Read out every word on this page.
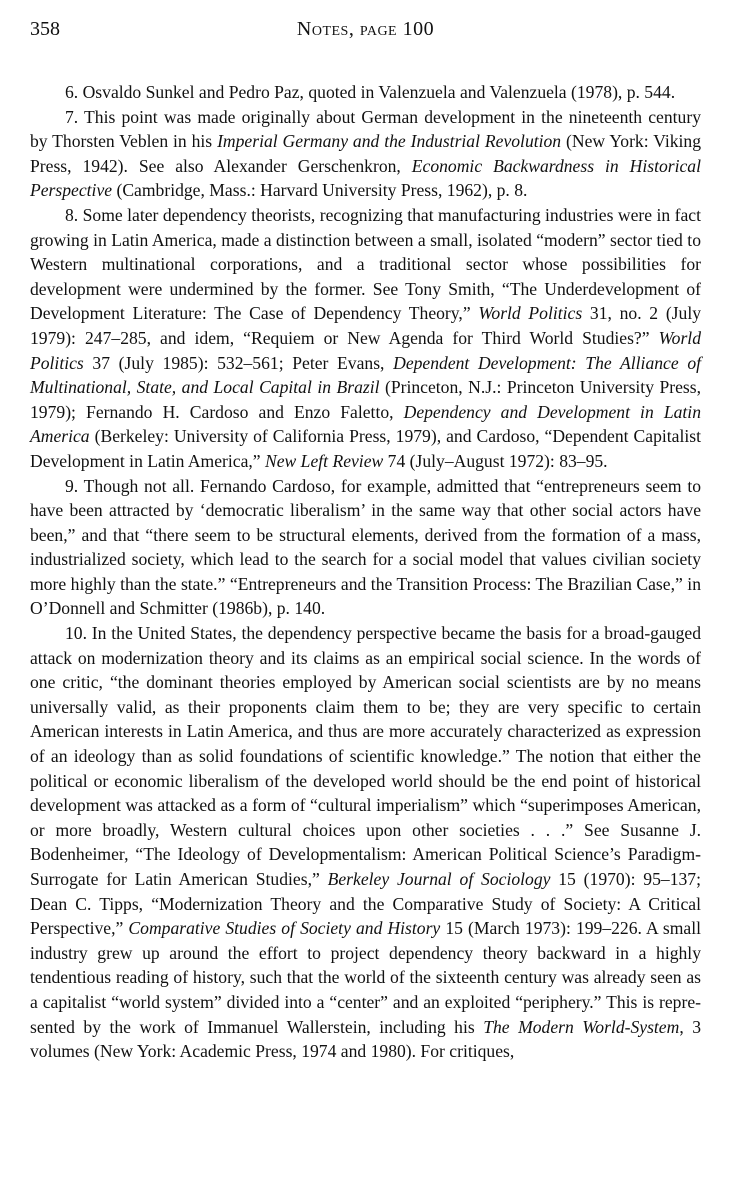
358	Notes, page 100

6. Osvaldo Sunkel and Pedro Paz, quoted in Valenzuela and Valenzuela (1978), p. 544.

7. This point was made originally about German development in the nineteenth century by Thorsten Veblen in his Imperial Germany and the Industrial Revolution (New York: Viking Press, 1942). See also Alexander Gerschenkron, Economic Backwardness in Historical Perspective (Cambridge, Mass.: Harvard University Press, 1962), p. 8.

8. Some later dependency theorists, recognizing that manufacturing industries were in fact growing in Latin America, made a distinction between a small, isolated “modern” sector tied to Western multinational corporations, and a traditional sector whose possibilities for development were undermined by the former. See Tony Smith, “The Underdevelopment of Development Literature: The Case of Dependency Theory,” World Politics 31, no. 2 (July 1979): 247–285, and idem, “Requiem or New Agenda for Third World Studies?” World Politics 37 (July 1985): 532–561; Peter Evans, Dependent Development: The Alliance of Multinational, State, and Local Capital in Brazil (Princeton, N.J.: Princeton University Press, 1979); Fernando H. Cardoso and Enzo Faletto, Dependency and Development in Latin America (Berkeley: University of California Press, 1979), and Cardoso, “Dependent Capitalist Development in Latin America,” New Left Review 74 (July–August 1972): 83–95.

9. Though not all. Fernando Cardoso, for example, admitted that “entrepreneurs seem to have been attracted by ‘democratic liberalism’ in the same way that other social actors have been,” and that “there seem to be structural elements, derived from the formation of a mass, industrialized society, which lead to the search for a social model that values civilian society more highly than the state.” “Entrepreneurs and the Transition Process: The Brazilian Case,” in O’Donnell and Schmitter (1986b), p. 140.

10. In the United States, the dependency perspective became the basis for a broad-gauged attack on modernization theory and its claims as an empirical social science. In the words of one critic, “the dominant theories employed by American social scientists are by no means universally valid, as their proponents claim them to be; they are very specific to certain American interests in Latin America, and thus are more accurately characterized as expression of an ideology than as solid foundations of scientific knowledge.” The notion that either the political or economic liberalism of the developed world should be the end point of historical development was attacked as a form of “cultural imperialism” which “superimposes American, or more broadly, Western cultural choices upon other societies . . .” See Susanne J. Bodenheimer, “The Ideology of Developmentalism: American Political Science’s Paradigm-Surrogate for Latin American Studies,” Berkeley Journal of Sociology 15 (1970): 95–137; Dean C. Tipps, “Modernization Theory and the Comparative Study of Society: A Critical Perspective,” Comparative Studies of Society and History 15 (March 1973): 199–226. A small industry grew up around the effort to project dependency theory backward in a highly tendentious reading of history, such that the world of the sixteenth century was already seen as a capitalist “world system” divided into a “center” and an exploited “periphery.” This is represented by the work of Immanuel Wallerstein, including his The Modern World-System, 3 volumes (New York: Academic Press, 1974 and 1980). For critiques,
